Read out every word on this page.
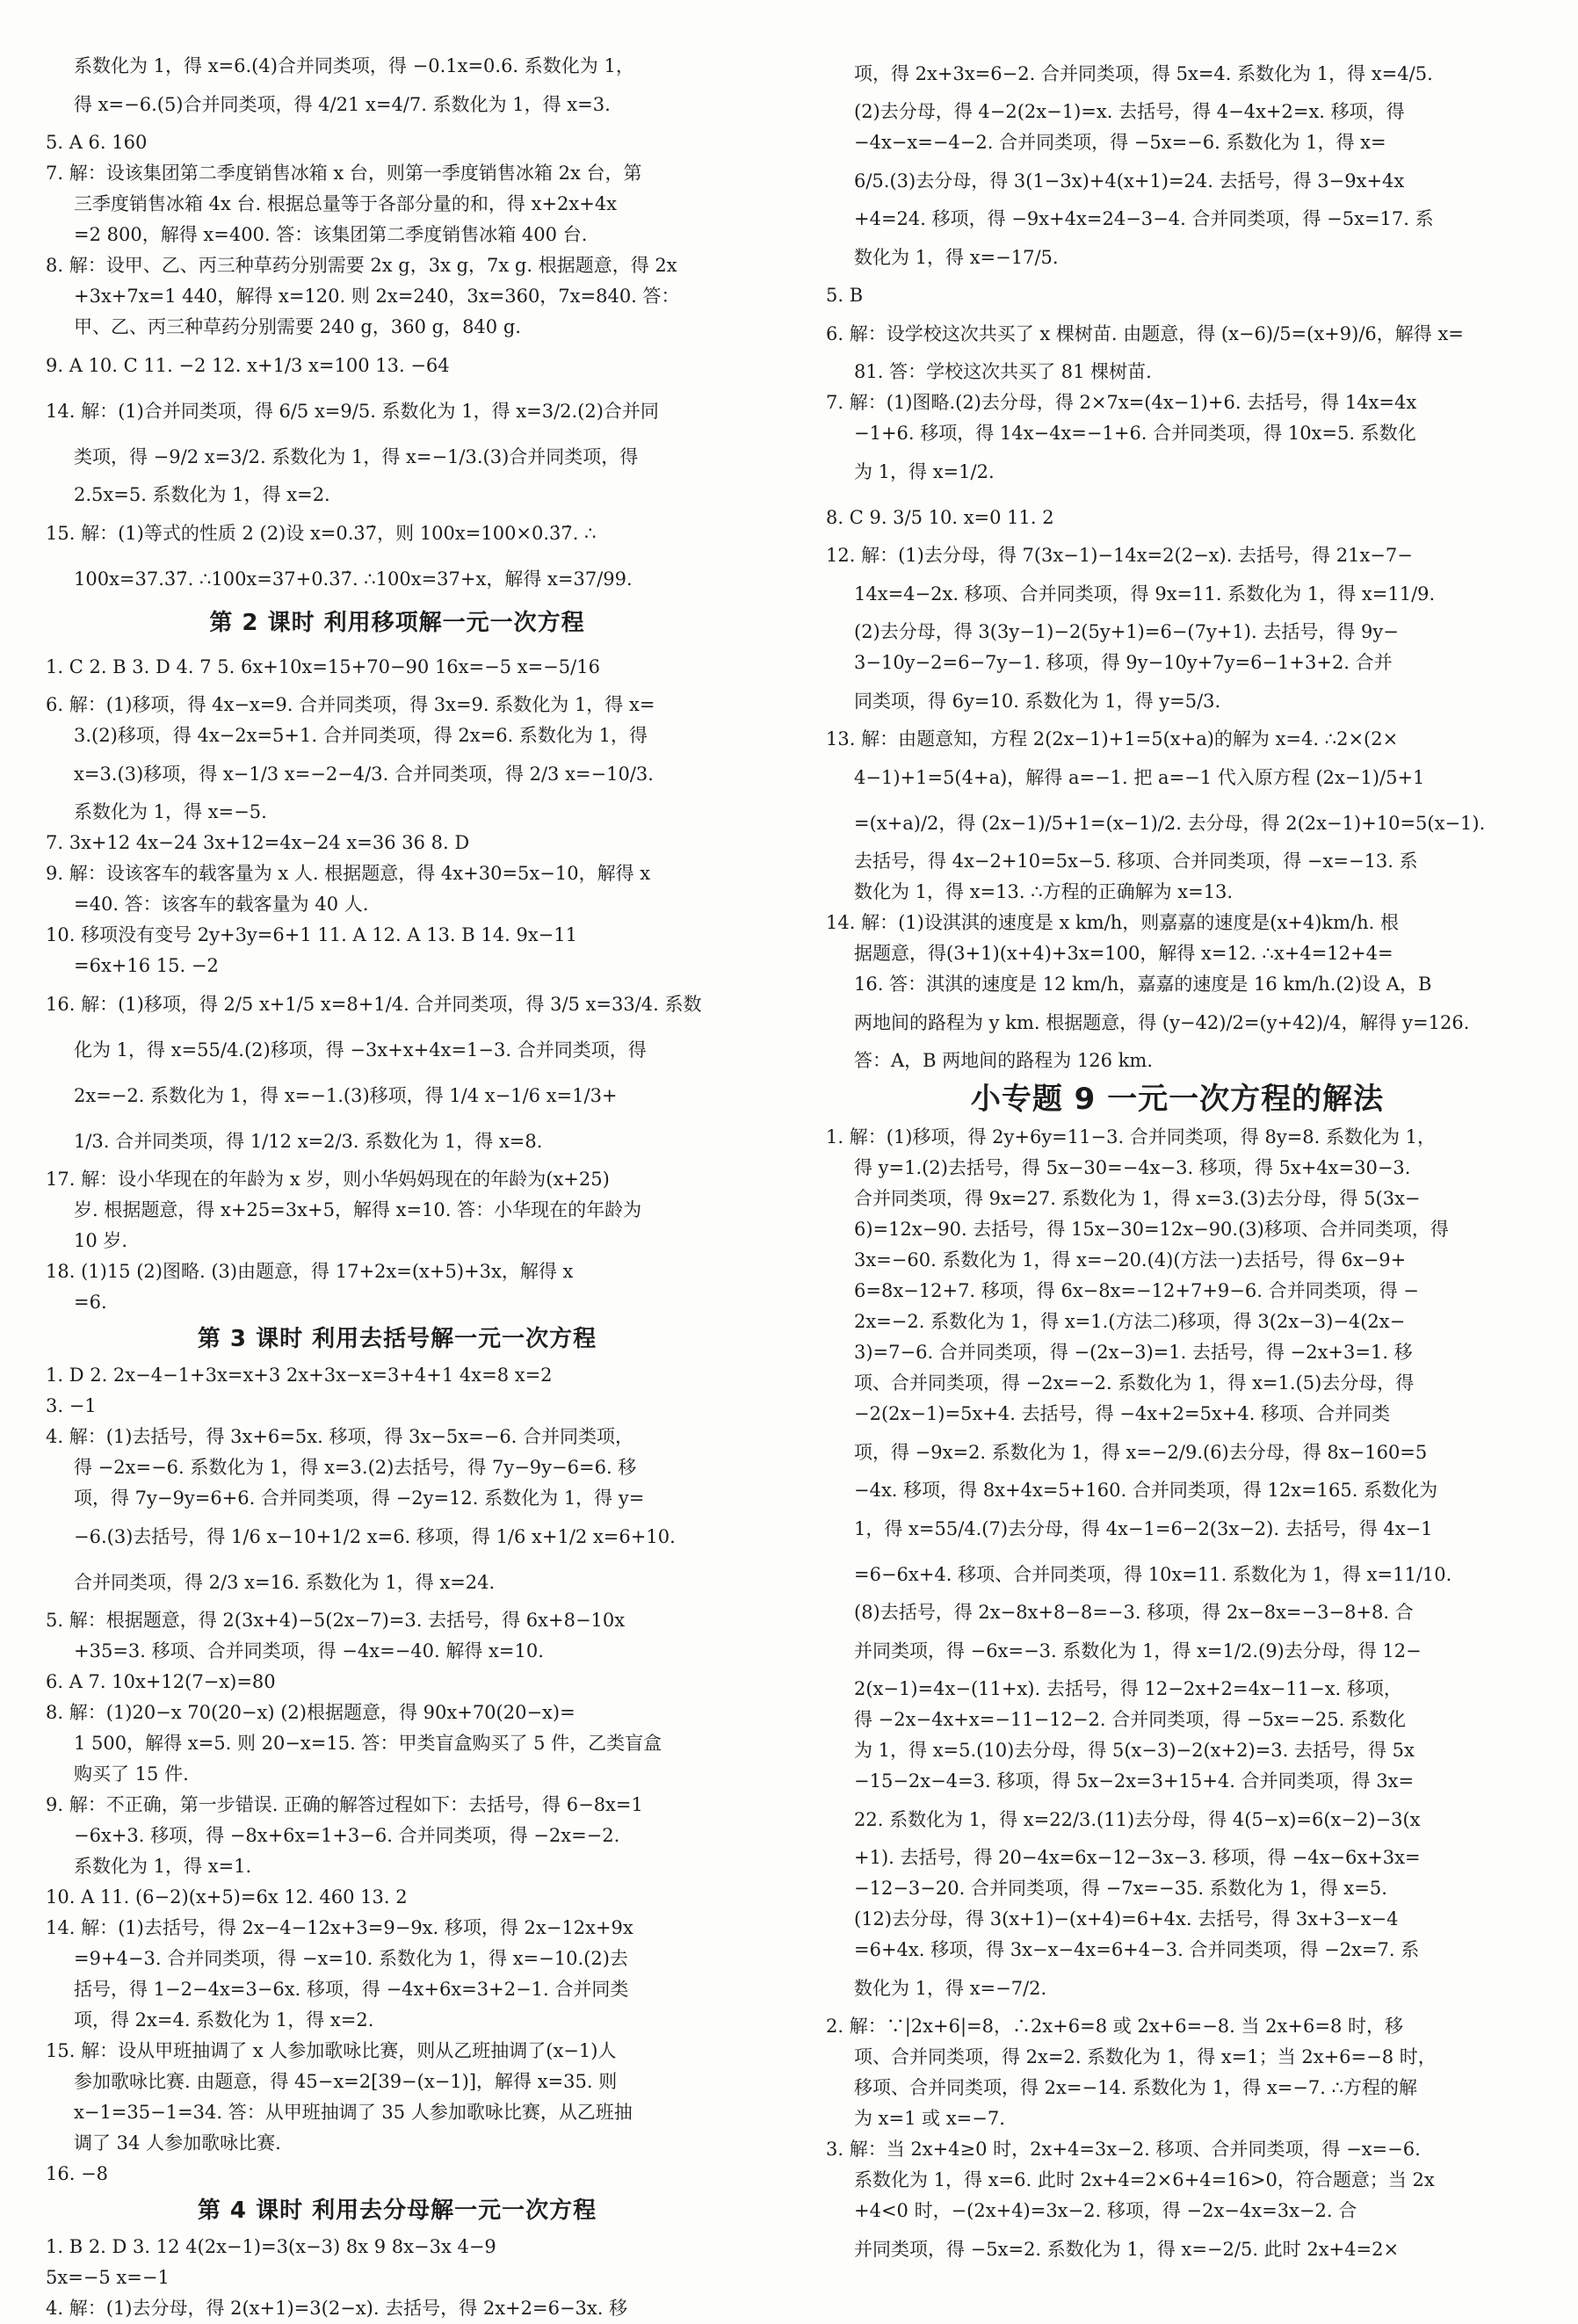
系数化为 1，得 x=6.(4)合并同类项，得 −0.1x=0.6. 系数化为 1，
得 x=−6.(5)合并同类项，得 4/21 x=4/7. 系数化为 1，得 x=3.
5. A 6. 160
7. 解：设该集团第二季度销售冰箱 x 台，则第一季度销售冰箱 2x 台，第
三季度销售冰箱 4x 台. 根据总量等于各部分量的和，得 x+2x+4x
=2 800，解得 x=400. 答：该集团第二季度销售冰箱 400 台.
8. 解：设甲、乙、丙三种草药分别需要 2x g，3x g，7x g. 根据题意，得 2x
+3x+7x=1 440，解得 x=120. 则 2x=240，3x=360，7x=840. 答：
甲、乙、丙三种草药分别需要 240 g，360 g，840 g.
9. A 10. C 11. −2 12. x+1/3 x=100 13. −64
14. 解：(1)合并同类项，得 6/5 x=9/5. 系数化为 1，得 x=3/2.(2)合并同
类项，得 −9/2 x=3/2. 系数化为 1，得 x=−1/3.(3)合并同类项，得
2.5x=5. 系数化为 1，得 x=2.
15. 解：(1)等式的性质 2 (2)设 x=0.3̇7̇，则 100x=100×0.3̇7̇. ∴
100x=37.3̇7̇. ∴100x=37+0.3̇7̇. ∴100x=37+x，解得 x=37/99.
第 2 课时 利用移项解一元一次方程
1. C 2. B 3. D 4. 7 5. 6x+10x=15+70−90 16x=−5 x=−5/16
6. 解：(1)移项，得 4x−x=9. 合并同类项，得 3x=9. 系数化为 1，得 x=
3.(2)移项，得 4x−2x=5+1. 合并同类项，得 2x=6. 系数化为 1，得
x=3.(3)移项，得 x−1/3 x=−2−4/3. 合并同类项，得 2/3 x=−10/3.
系数化为 1，得 x=−5.
7. 3x+12 4x−24 3x+12=4x−24 x=36 36 8. D
9. 解：设该客车的载客量为 x 人. 根据题意，得 4x+30=5x−10，解得 x
=40. 答：该客车的载客量为 40 人.
10. 移项没有变号 2y+3y=6+1 11. A 12. A 13. B 14. 9x−11
=6x+16 15. −2
16. 解：(1)移项，得 2/5 x+1/5 x=8+1/4. 合并同类项，得 3/5 x=33/4. 系数
化为 1，得 x=55/4.(2)移项，得 −3x+x+4x=1−3. 合并同类项，得
2x=−2. 系数化为 1，得 x=−1.(3)移项，得 1/4 x−1/6 x=1/3+
1/3. 合并同类项，得 1/12 x=2/3. 系数化为 1，得 x=8.
17. 解：设小华现在的年龄为 x 岁，则小华妈妈现在的年龄为(x+25)
岁. 根据题意，得 x+25=3x+5，解得 x=10. 答：小华现在的年龄为
10 岁.
18. (1)15 (2)图略. (3)由题意，得 17+2x=(x+5)+3x，解得 x
=6.
第 3 课时 利用去括号解一元一次方程
1. D 2. 2x−4−1+3x=x+3 2x+3x−x=3+4+1 4x=8 x=2
3. −1
4. 解：(1)去括号，得 3x+6=5x. 移项，得 3x−5x=−6. 合并同类项，
得 −2x=−6. 系数化为 1，得 x=3.(2)去括号，得 7y−9y−6=6. 移
项，得 7y−9y=6+6. 合并同类项，得 −2y=12. 系数化为 1，得 y=
−6.(3)去括号，得 1/6 x−10+1/2 x=6. 移项，得 1/6 x+1/2 x=6+10.
合并同类项，得 2/3 x=16. 系数化为 1，得 x=24.
5. 解：根据题意，得 2(3x+4)−5(2x−7)=3. 去括号，得 6x+8−10x
+35=3. 移项、合并同类项，得 −4x=−40. 解得 x=10.
6. A 7. 10x+12(7−x)=80
8. 解：(1)20−x 70(20−x) (2)根据题意，得 90x+70(20−x)=
1 500，解得 x=5. 则 20−x=15. 答：甲类盲盒购买了 5 件，乙类盲盒
购买了 15 件.
9. 解：不正确，第一步错误. 正确的解答过程如下：去括号，得 6−8x=1
−6x+3. 移项，得 −8x+6x=1+3−6. 合并同类项，得 −2x=−2.
系数化为 1，得 x=1.
10. A 11. (6−2)(x+5)=6x 12. 460 13. 2
14. 解：(1)去括号，得 2x−4−12x+3=9−9x. 移项，得 2x−12x+9x
=9+4−3. 合并同类项，得 −x=10. 系数化为 1，得 x=−10.(2)去
括号，得 1−2−4x=3−6x. 移项，得 −4x+6x=3+2−1. 合并同类
项，得 2x=4. 系数化为 1，得 x=2.
15. 解：设从甲班抽调了 x 人参加歌咏比赛，则从乙班抽调了(x−1)人
参加歌咏比赛. 由题意，得 45−x=2[39−(x−1)]，解得 x=35. 则
x−1=35−1=34. 答：从甲班抽调了 35 人参加歌咏比赛，从乙班抽
调了 34 人参加歌咏比赛.
16. −8
第 4 课时 利用去分母解一元一次方程
1. B 2. D 3. 12 4(2x−1)=3(x−3) 8x 9 8x−3x 4−9
5x=−5 x=−1
4. 解：(1)去分母，得 2(x+1)=3(2−x). 去括号，得 2x+2=6−3x. 移
项，得 2x+3x=6−2. 合并同类项，得 5x=4. 系数化为 1，得 x=4/5.
(2)去分母，得 4−2(2x−1)=x. 去括号，得 4−4x+2=x. 移项，得
−4x−x=−4−2. 合并同类项，得 −5x=−6. 系数化为 1，得 x=
6/5.(3)去分母，得 3(1−3x)+4(x+1)=24. 去括号，得 3−9x+4x
+4=24. 移项，得 −9x+4x=24−3−4. 合并同类项，得 −5x=17. 系
数化为 1，得 x=−17/5.
5. B
6. 解：设学校这次共买了 x 棵树苗. 由题意，得 (x−6)/5=(x+9)/6，解得 x=
81. 答：学校这次共买了 81 棵树苗.
7. 解：(1)图略.(2)去分母，得 2×7x=(4x−1)+6. 去括号，得 14x=4x
−1+6. 移项，得 14x−4x=−1+6. 合并同类项，得 10x=5. 系数化
为 1，得 x=1/2.
8. C 9. 3/5 10. x=0 11. 2
12. 解：(1)去分母，得 7(3x−1)−14x=2(2−x). 去括号，得 21x−7−
14x=4−2x. 移项、合并同类项，得 9x=11. 系数化为 1，得 x=11/9.
(2)去分母，得 3(3y−1)−2(5y+1)=6−(7y+1). 去括号，得 9y−
3−10y−2=6−7y−1. 移项，得 9y−10y+7y=6−1+3+2. 合并
同类项，得 6y=10. 系数化为 1，得 y=5/3.
13. 解：由题意知，方程 2(2x−1)+1=5(x+a)的解为 x=4. ∴2×(2×
4−1)+1=5(4+a)，解得 a=−1. 把 a=−1 代入原方程 (2x−1)/5+1
=(x+a)/2，得 (2x−1)/5+1=(x−1)/2. 去分母，得 2(2x−1)+10=5(x−1).
去括号，得 4x−2+10=5x−5. 移项、合并同类项，得 −x=−13. 系
数化为 1，得 x=13. ∴方程的正确解为 x=13.
14. 解：(1)设淇淇的速度是 x km/h，则嘉嘉的速度是(x+4)km/h. 根
据题意，得(3+1)(x+4)+3x=100，解得 x=12. ∴x+4=12+4=
16. 答：淇淇的速度是 12 km/h，嘉嘉的速度是 16 km/h.(2)设 A，B
两地间的路程为 y km. 根据题意，得 (y−42)/2=(y+42)/4，解得 y=126.
答：A，B 两地间的路程为 126 km.
小专题 9 一元一次方程的解法
1. 解：(1)移项，得 2y+6y=11−3. 合并同类项，得 8y=8. 系数化为 1，
得 y=1.(2)去括号，得 5x−30=−4x−3. 移项，得 5x+4x=30−3.
合并同类项，得 9x=27. 系数化为 1，得 x=3.(3)去分母，得 5(3x−
6)=12x−90. 去括号，得 15x−30=12x−90.(3)移项、合并同类项，得
3x=−60. 系数化为 1，得 x=−20.(4)(方法一)去括号，得 6x−9+
6=8x−12+7. 移项，得 6x−8x=−12+7+9−6. 合并同类项，得 −
2x=−2. 系数化为 1，得 x=1.(方法二)移项，得 3(2x−3)−4(2x−
3)=7−6. 合并同类项，得 −(2x−3)=1. 去括号，得 −2x+3=1. 移
项、合并同类项，得 −2x=−2. 系数化为 1，得 x=1.(5)去分母，得
−2(2x−1)=5x+4. 去括号，得 −4x+2=5x+4. 移项、合并同类
项，得 −9x=2. 系数化为 1，得 x=−2/9.(6)去分母，得 8x−160=5
−4x. 移项，得 8x+4x=5+160. 合并同类项，得 12x=165. 系数化为
1，得 x=55/4.(7)去分母，得 4x−1=6−2(3x−2). 去括号，得 4x−1
=6−6x+4. 移项、合并同类项，得 10x=11. 系数化为 1，得 x=11/10.
(8)去括号，得 2x−8x+8−8=−3. 移项，得 2x−8x=−3−8+8. 合
并同类项，得 −6x=−3. 系数化为 1，得 x=1/2.(9)去分母，得 12−
2(x−1)=4x−(11+x). 去括号，得 12−2x+2=4x−11−x. 移项，
得 −2x−4x+x=−11−12−2. 合并同类项，得 −5x=−25. 系数化
为 1，得 x=5.(10)去分母，得 5(x−3)−2(x+2)=3. 去括号，得 5x
−15−2x−4=3. 移项，得 5x−2x=3+15+4. 合并同类项，得 3x=
22. 系数化为 1，得 x=22/3.(11)去分母，得 4(5−x)=6(x−2)−3(x
+1). 去括号，得 20−4x=6x−12−3x−3. 移项，得 −4x−6x+3x=
−12−3−20. 合并同类项，得 −7x=−35. 系数化为 1，得 x=5.
(12)去分母，得 3(x+1)−(x+4)=6+4x. 去括号，得 3x+3−x−4
=6+4x. 移项，得 3x−x−4x=6+4−3. 合并同类项，得 −2x=7. 系
数化为 1，得 x=−7/2.
2. 解：∵|2x+6|=8，∴2x+6=8 或 2x+6=−8. 当 2x+6=8 时，移
项、合并同类项，得 2x=2. 系数化为 1，得 x=1；当 2x+6=−8 时，
移项、合并同类项，得 2x=−14. 系数化为 1，得 x=−7. ∴方程的解
为 x=1 或 x=−7.
3. 解：当 2x+4≥0 时，2x+4=3x−2. 移项、合并同类项，得 −x=−6.
系数化为 1，得 x=6. 此时 2x+4=2×6+4=16>0，符合题意；当 2x
+4<0 时，−(2x+4)=3x−2. 移项，得 −2x−4x=3x−2. 合
并同类项，得 −5x=2. 系数化为 1，得 x=−2/5. 此时 2x+4=2×
